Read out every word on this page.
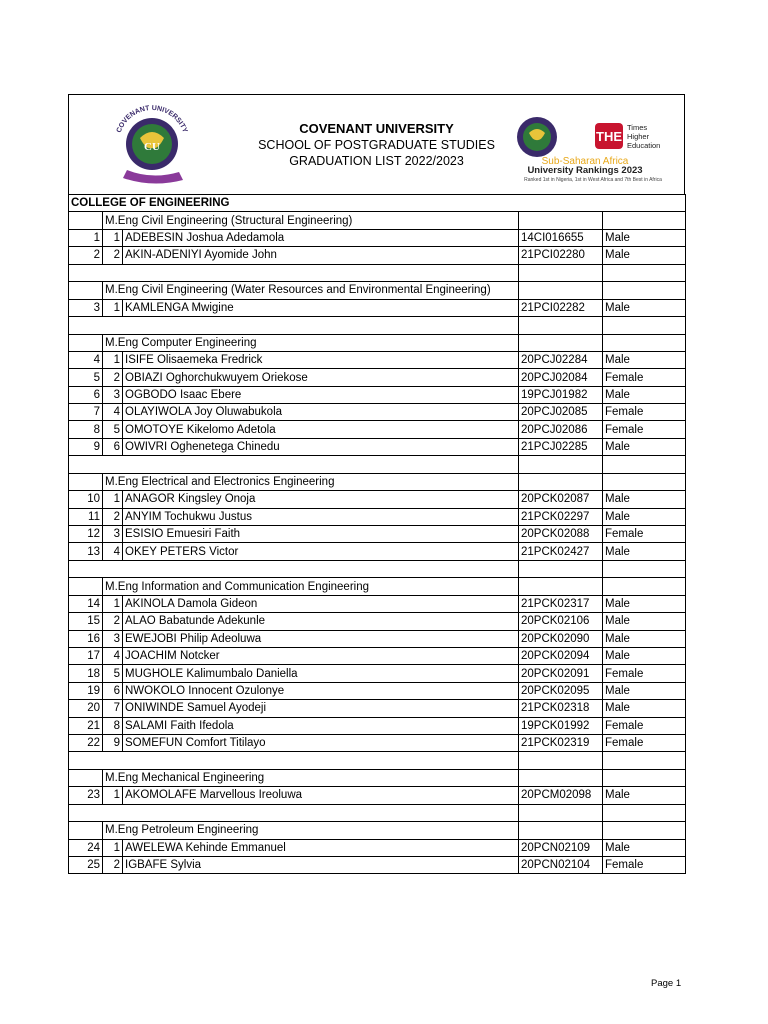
CU
COVENANT UNIVERSITY	COVENANT UNIVERSITY
SCHOOL OF POSTGRADUATE STUDIES
GRADUATION LIST 2022/2023
THE
Times
Higher
Education
Sub-Saharan Africa
University Rankings 2023
Ranked 1st in Nigeria, 1st in West Africa and 7th Best in Africa
COLLEGE OF ENGINEERING				
	M.Eng Civil Engineering (Structural Engineering)			
1	1	ADEBESIN Joshua Adedamola	14CI016655	Male
2	2	AKIN-ADENIYI Ayomide John	21PCI02280	Male

	M.Eng Civil Engineering (Water Resources and Environmental Engineering)			
3	1	KAMLENGA Mwigine	21PCI02282	Male

	M.Eng Computer Engineering			
4	1	ISIFE Olisaemeka Fredrick	20PCJ02284	Male
5	2	OBIAZI Oghorchukwuyem Oriekose	20PCJ02084	Female
6	3	OGBODO Isaac Ebere	19PCJ01982	Male
7	4	OLAYIWOLA Joy Oluwabukola	20PCJ02085	Female
8	5	OMOTOYE Kikelomo Adetola	20PCJ02086	Female
9	6	OWIVRI Oghenetega Chinedu	21PCJ02285	Male

	M.Eng Electrical and Electronics Engineering			
10	1	ANAGOR Kingsley Onoja	20PCK02087	Male
11	2	ANYIM Tochukwu Justus	21PCK02297	Male
12	3	ESISIO Emuesiri Faith	20PCK02088	Female
13	4	OKEY PETERS Victor	21PCK02427	Male

	M.Eng Information and Communication Engineering			
14	1	AKINOLA Damola Gideon	21PCK02317	Male
15	2	ALAO Babatunde Adekunle	20PCK02106	Male
16	3	EWEJOBI Philip Adeoluwa	20PCK02090	Male
17	4	JOACHIM Notcker	20PCK02094	Male
18	5	MUGHOLE Kalimumbalo Daniella	20PCK02091	Female
19	6	NWOKOLO Innocent Ozulonye	20PCK02095	Male
20	7	ONIWINDE Samuel Ayodeji	21PCK02318	Male
21	8	SALAMI Faith Ifedola	19PCK01992	Female
22	9	SOMEFUN Comfort Titilayo	21PCK02319	Female

	M.Eng Mechanical Engineering			
23	1	AKOMOLAFE Marvellous Ireoluwa	20PCM02098	Male

	M.Eng Petroleum Engineering			
24	1	AWELEWA Kehinde Emmanuel	20PCN02109	Male
25	2	IGBAFE Sylvia	20PCN02104	Female
Page 1
